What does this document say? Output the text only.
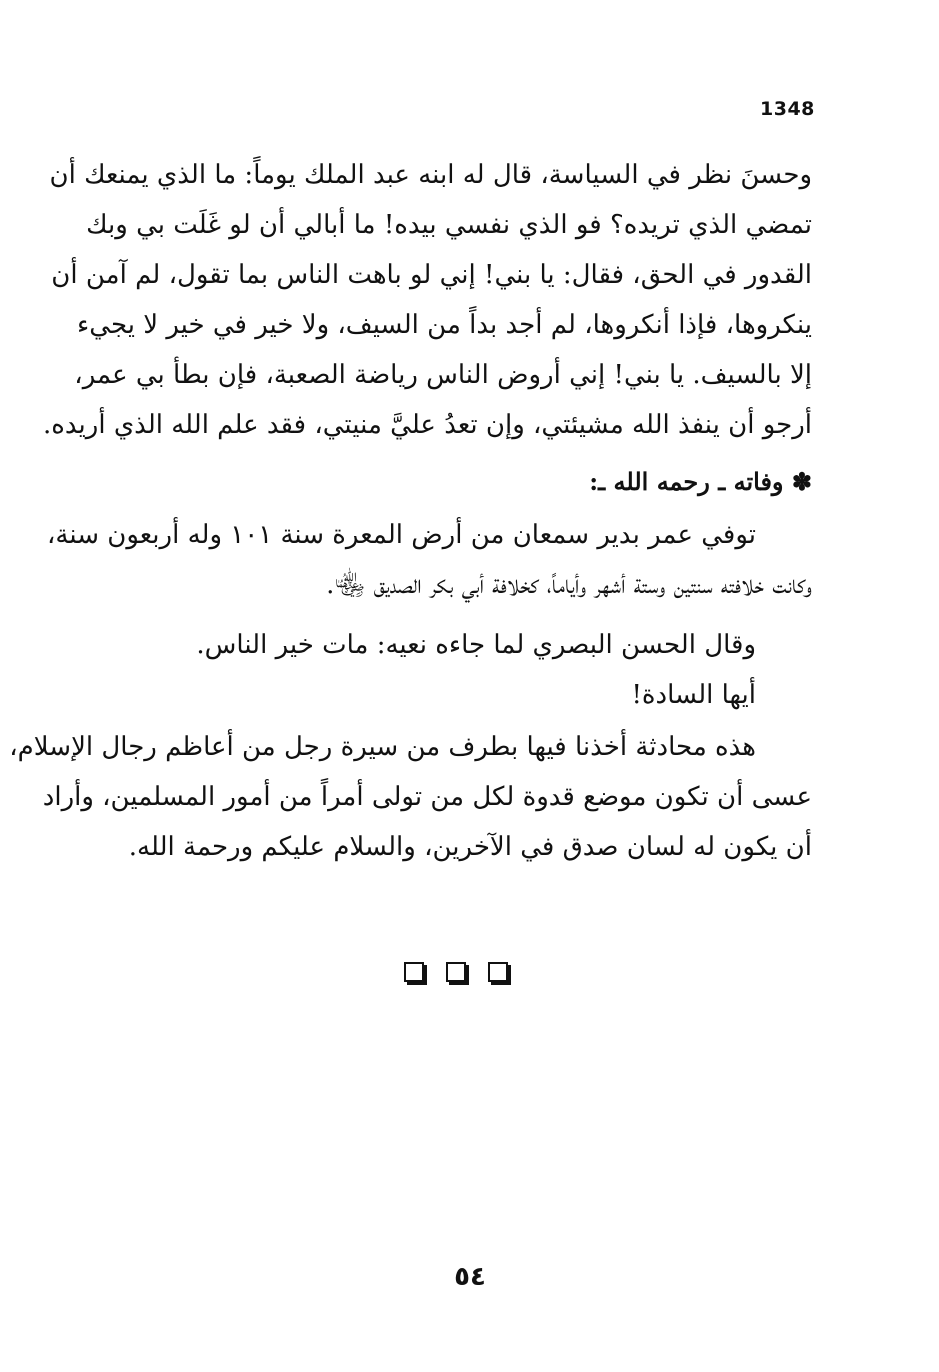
1348
وحسنَ نظر في السياسة، قال له ابنه عبد الملك يوماً: ما الذي يمنعك أن
تمضي الذي تريده؟ فو الذي نفسي بيده! ما أبالي أن لو غَلَت بي وبك
القدور في الحق، فقال: يا بني! إني لو باهت الناس بما تقول، لم آمن أن
ينكروها، فإذا أنكروها، لم أجد بداً من السيف، ولا خير في خير لا يجيء
إلا بالسيف. يا بني! إني أروض الناس رياضة الصعبة، فإن بطأ بي عمر،
أرجو أن ينفذ الله مشيئتي، وإن تعدُ عليَّ منيتي، فقد علم الله الذي أريده.
✽ وفاته ـ رحمه الله ـ:
توفي عمر بدير سمعان من أرض المعرة سنة ١٠١ وله أربعون سنة،
وكانت خلافته سنتين وستة أشهر وأياماً، كخلافة أبي بكر الصديق ﵄.
وقال الحسن البصري لما جاءه نعيه: مات خير الناس.
أيها السادة!
هذه محادثة أخذنا فيها بطرف من سيرة رجل من أعاظم رجال الإسلام،
عسى أن تكون موضع قدوة لكل من تولى أمراً من أمور المسلمين، وأراد
أن يكون له لسان صدق في الآخرين، والسلام عليكم ورحمة الله.
٥٤
